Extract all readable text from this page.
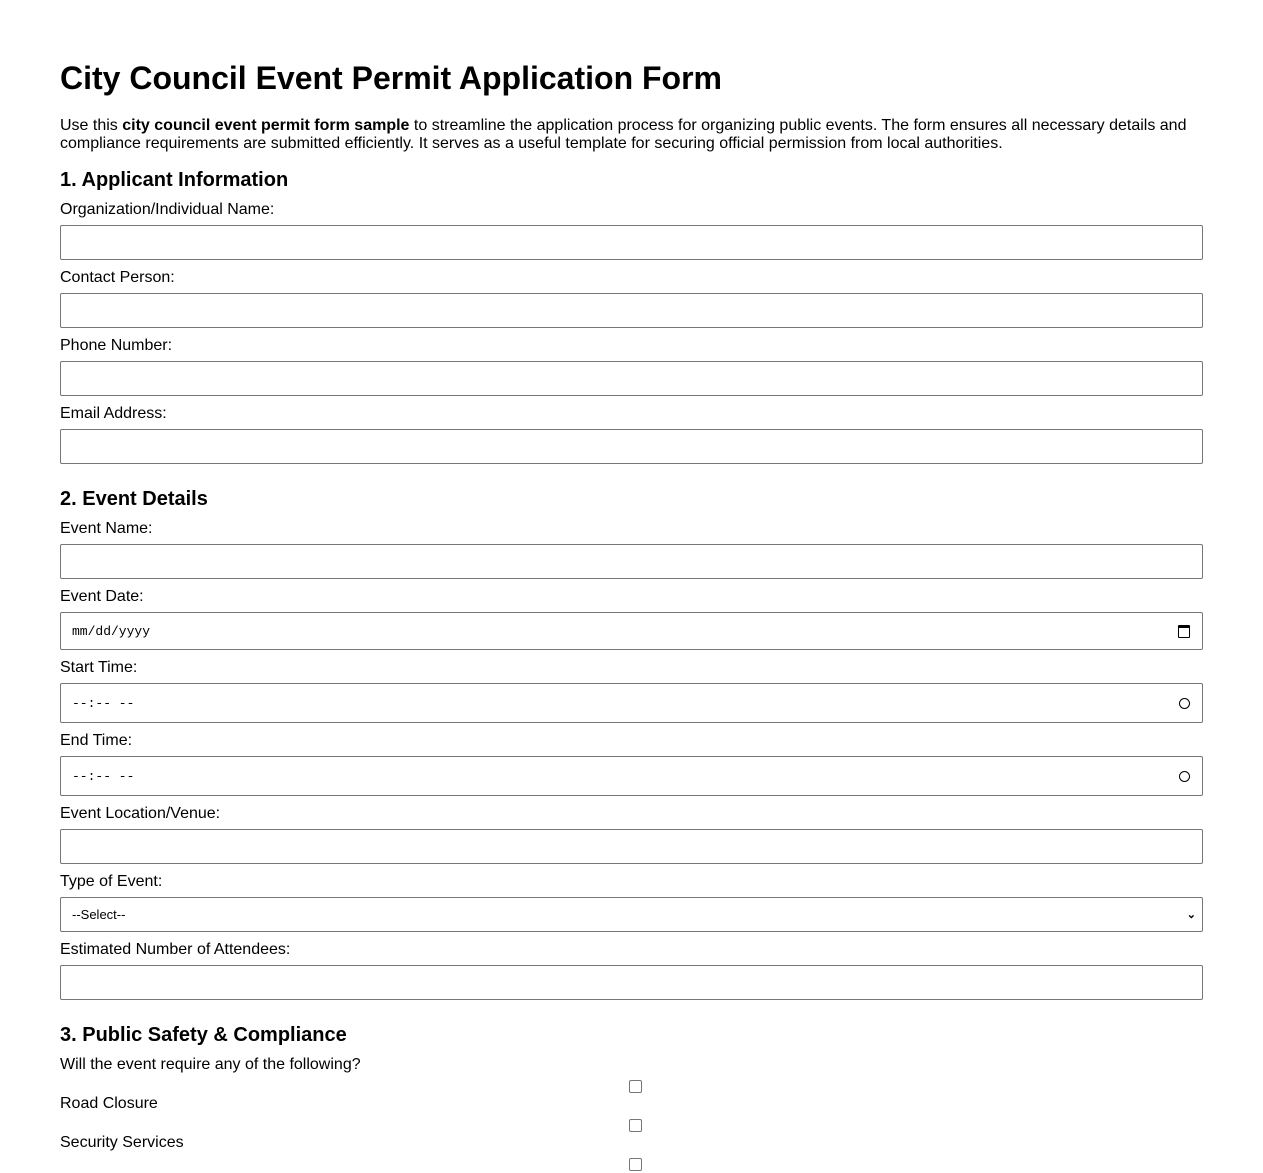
City Council Event Permit Application Form
Use this city council event permit form sample to streamline the application process for organizing public events. The form ensures all necessary details and compliance requirements are submitted efficiently. It serves as a useful template for securing official permission from local authorities.
1. Applicant Information
Organization/Individual Name:
Contact Person:
Phone Number:
Email Address:
2. Event Details
Event Name:
Event Date:
mm/dd/yyyy
Start Time:
--:-- --
End Time:
--:-- --
Event Location/Venue:
Type of Event:
--Select--	⌄
Estimated Number of Attendees:
3. Public Safety & Compliance
Will the event require any of the following?
Road Closure
Security Services
